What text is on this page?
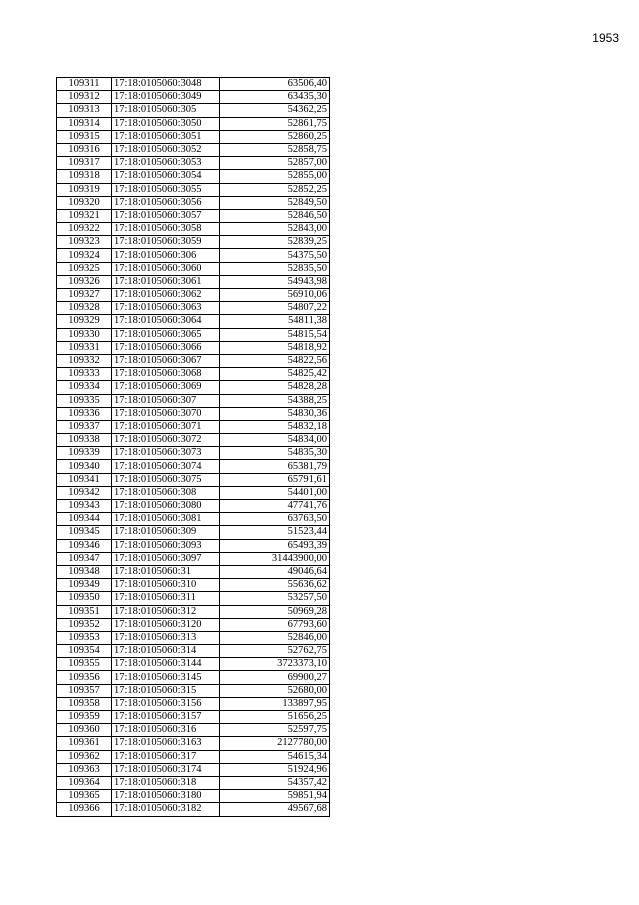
1953
109311	17:18:0105060:3048	63506,40
109312	17:18:0105060:3049	63435,30
109313	17:18:0105060:305	54362,25
109314	17:18:0105060:3050	52861,75
109315	17:18:0105060:3051	52860,25
109316	17:18:0105060:3052	52858,75
109317	17:18:0105060:3053	52857,00
109318	17:18:0105060:3054	52855,00
109319	17:18:0105060:3055	52852,25
109320	17:18:0105060:3056	52849,50
109321	17:18:0105060:3057	52846,50
109322	17:18:0105060:3058	52843,00
109323	17:18:0105060:3059	52839,25
109324	17:18:0105060:306	54375,50
109325	17:18:0105060:3060	52835,50
109326	17:18:0105060:3061	54943,98
109327	17:18:0105060:3062	56910,06
109328	17:18:0105060:3063	54807,22
109329	17:18:0105060:3064	54811,38
109330	17:18:0105060:3065	54815,54
109331	17:18:0105060:3066	54818,92
109332	17:18:0105060:3067	54822,56
109333	17:18:0105060:3068	54825,42
109334	17:18:0105060:3069	54828,28
109335	17:18:0105060:307	54388,25
109336	17:18:0105060:3070	54830,36
109337	17:18:0105060:3071	54832,18
109338	17:18:0105060:3072	54834,00
109339	17:18:0105060:3073	54835,30
109340	17:18:0105060:3074	65381,79
109341	17:18:0105060:3075	65791,61
109342	17:18:0105060:308	54401,00
109343	17:18:0105060:3080	47741,76
109344	17:18:0105060:3081	63763,50
109345	17:18:0105060:309	51523,44
109346	17:18:0105060:3093	65493,39
109347	17:18:0105060:3097	31443900,00
109348	17:18:0105060:31	49046,64
109349	17:18:0105060:310	55636,62
109350	17:18:0105060:311	53257,50
109351	17:18:0105060:312	50969,28
109352	17:18:0105060:3120	67793,60
109353	17:18:0105060:313	52846,00
109354	17:18:0105060:314	52762,75
109355	17:18:0105060:3144	3723373,10
109356	17:18:0105060:3145	69900,27
109357	17:18:0105060:315	52680,00
109358	17:18:0105060:3156	133897,95
109359	17:18:0105060:3157	51656,25
109360	17:18:0105060:316	52597,75
109361	17:18:0105060:3163	2127780,00
109362	17:18:0105060:317	54615,34
109363	17:18:0105060:3174	51924,96
109364	17:18:0105060:318	54357,42
109365	17:18:0105060:3180	59851,94
109366	17:18:0105060:3182	49567,68
